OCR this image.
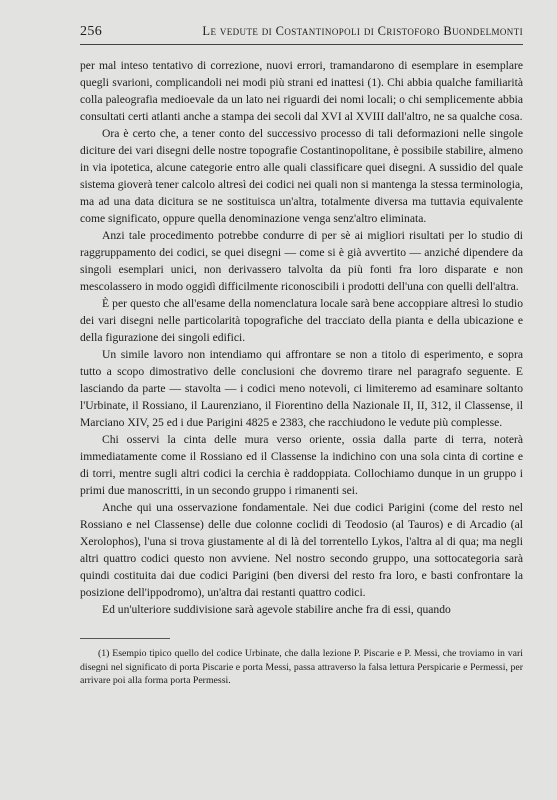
256	Le vedute di Costantinopoli di Cristoforo Buondelmonti

per mal inteso tentativo di correzione, nuovi errori, tramandarono di esemplare in esemplare quegli svarioni, complicandoli nei modi più strani ed inattesi (1). Chi abbia qualche familiarità colla paleografia medioevale da un lato nei riguardi dei nomi locali; o chi semplicemente abbia consultati certi atlanti anche a stampa dei secoli dal XVI al XVIII dall'altro, ne sa qualche cosa.

Ora è certo che, a tener conto del successivo processo di tali deformazioni nelle singole diciture dei vari disegni delle nostre topografie Costantinopolitane, è possibile stabilire, almeno in via ipotetica, alcune categorie entro alle quali classificare quei disegni. A sussidio del quale sistema gioverà tener calcolo altresì dei codici nei quali non si mantenga la stessa terminologia, ma ad una data dicitura se ne sostituisca un'altra, totalmente diversa ma tuttavia equivalente come significato, oppure quella denominazione venga senz'altro eliminata.

Anzi tale procedimento potrebbe condurre di per sè ai migliori risultati per lo studio di raggruppamento dei codici, se quei disegni — come si è già avvertito — anziché dipendere da singoli esemplari unici, non derivassero talvolta da più fonti fra loro disparate e non mescolassero in modo oggidì difficilmente riconoscibili i prodotti dell'una con quelli dell'altra.

È per questo che all'esame della nomenclatura locale sarà bene accoppiare altresì lo studio dei vari disegni nelle particolarità topografiche del tracciato della pianta e della ubicazione e della figurazione dei singoli edifici.

Un simile lavoro non intendiamo qui affrontare se non a titolo di esperimento, e sopra tutto a scopo dimostrativo delle conclusioni che dovremo tirare nel paragrafo seguente. E lasciando da parte — stavolta — i codici meno notevoli, ci limiteremo ad esaminare soltanto l'Urbinate, il Rossiano, il Laurenziano, il Fiorentino della Nazionale II, II, 312, il Classense, il Marciano XIV, 25 ed i due Parigini 4825 e 2383, che racchiudono le vedute più complesse.

Chi osservi la cinta delle mura verso oriente, ossia dalla parte di terra, noterà immediatamente come il Rossiano ed il Classense la indichino con una sola cinta di cortine e di torri, mentre sugli altri codici la cerchia è raddoppiata. Collochiamo dunque in un gruppo i primi due manoscritti, in un secondo gruppo i rimanenti sei.

Anche qui una osservazione fondamentale. Nei due codici Parigini (come del resto nel Rossiano e nel Classense) delle due colonne coclidi di Teodosio (al Tauros) e di Arcadio (al Xerolophos), l'una si trova giustamente al di là del torrentello Lykos, l'altra al di qua; ma negli altri quattro codici questo non avviene. Nel nostro secondo gruppo, una sottocategoria sarà quindi costituita dai due codici Parigini (ben diversi del resto fra loro, e basti confrontare la posizione dell'ippodromo), un'altra dai restanti quattro codici.

Ed un'ulteriore suddivisione sarà agevole stabilire anche fra di essi, quando

(1) Esempio tipico quello del codice Urbinate, che dalla lezione P. Piscarie e P. Messi, che troviamo in vari disegni nel significato di porta Piscarie e porta Messi, passa attraverso la falsa lettura Perspicarie e Permessi, per arrivare poi alla forma porta Permessi.
